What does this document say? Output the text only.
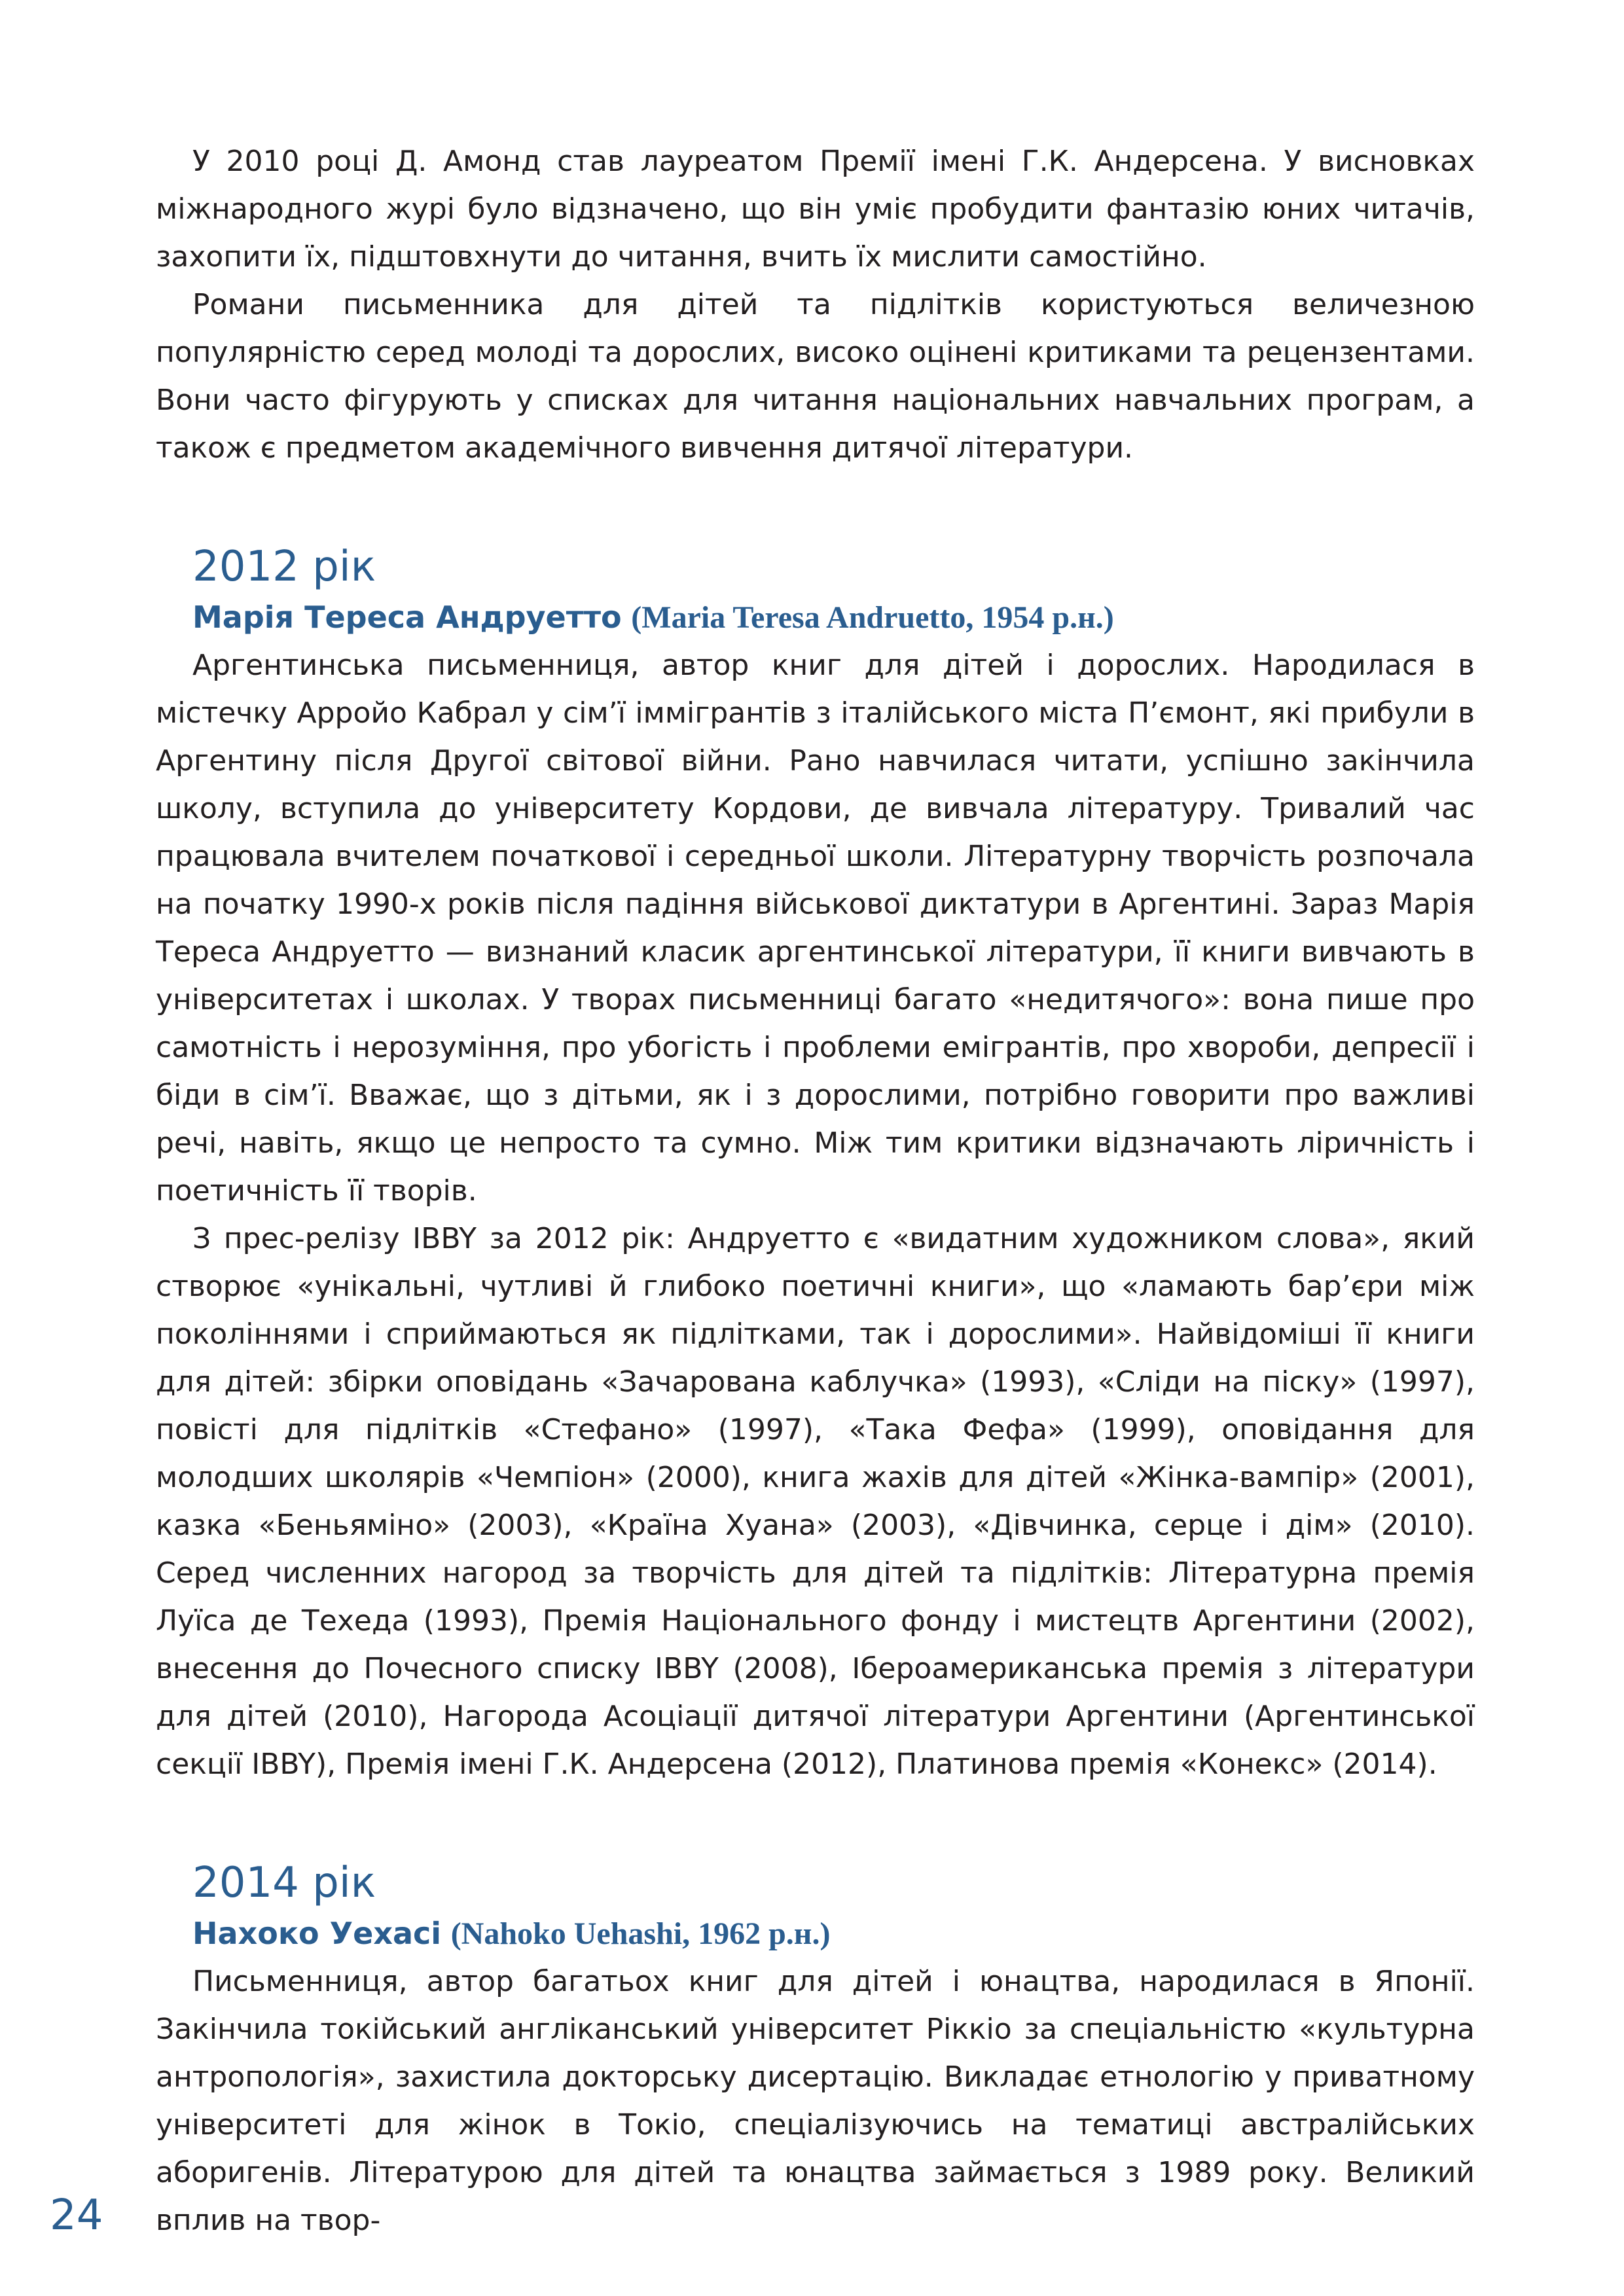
У 2010 році Д. Амонд став лауреатом Премії імені Г.К. Андерсена. У висновках міжнародного журі було відзначено, що він уміє пробудити фантазію юних читачів, захопити їх, підштовхнути до читання, вчить їх мислити самостійно.

Романи письменника для дітей та підлітків користуються величезною популярністю серед молоді та дорослих, високо оцінені критиками та рецензентами. Вони часто фігурують у списках для читання національних навчальних програм, а також є предметом академічного вивчення дитячої літератури.

2012 рік
Марія Тереса Андруетто (Maria Teresa Andruetto, 1954 р.н.)

Аргентинська письменниця, автор книг для дітей і дорослих. Народилася в містечку Арройо Кабрал у сім’ї іммігрантів з італійського міста П’ємонт, які прибули в Аргентину після Другої світової війни. Рано навчилася читати, успішно закінчила школу, вступила до університету Кордови, де вивчала літературу. Тривалий час працювала вчителем початкової і середньої школи. Літературну творчість розпочала на початку 1990-х років після падіння військової диктатури в Аргентині. Зараз Марія Тереса Андруетто — визнаний класик аргентинської літератури, її книги вивчають в університетах і школах. У творах письменниці багато «недитячого»: вона пише про самотність і нерозуміння, про убогість і проблеми емігрантів, про хвороби, депресії і біди в сім’ї. Вважає, що з дітьми, як і з дорослими, потрібно говорити про важливі речі, навіть, якщо це непросто та сумно. Між тим критики відзначають ліричність і поетичність її творів.

З прес-релізу IBBY за 2012 рік: Андруетто є «видатним художником слова», який створює «унікальні, чутливі й глибоко поетичні книги», що «ламають бар’єри між поколіннями і сприймаються як підлітками, так і дорослими». Найвідоміші її книги для дітей: збірки оповідань «Зачарована каблучка» (1993), «Сліди на піску» (1997), повісті для підлітків «Стефано» (1997), «Така Фефа» (1999), оповідання для молодших школярів «Чемпіон» (2000), книга жахів для дітей «Жінка-вампір» (2001), казка «Беньяміно» (2003), «Країна Хуана» (2003), «Дівчинка, серце і дім» (2010). Серед численних нагород за творчість для дітей та підлітків: Літературна премія Луїса де Техеда (1993), Премія Національного фонду і мистецтв Аргентини (2002), внесення до Почесного списку IBBY (2008), Іберoамериканська премія з літератури для дітей (2010), Нагорода Асоціації дитячої літератури Аргентини (Аргентинської секції IBBY), Премія імені Г.К. Андерсена (2012), Платинова премія «Конекс» (2014).

2014 рік
Нахоко Уехасі (Nahoko Uehashi, 1962 р.н.)

Письменниця, автор багатьох книг для дітей і юнацтва, народилася в Японії. Закінчила токійський англіканський університет Ріккіо за спеціальністю «культурна антропологія», захистила докторську дисертацію. Викладає етнологію у приватному університеті для жінок в Токіо, спеціалізуючись на тематиці австралійських аборигенів. Літературою для дітей та юнацтва займається з 1989 року. Великий вплив на твор-

24
